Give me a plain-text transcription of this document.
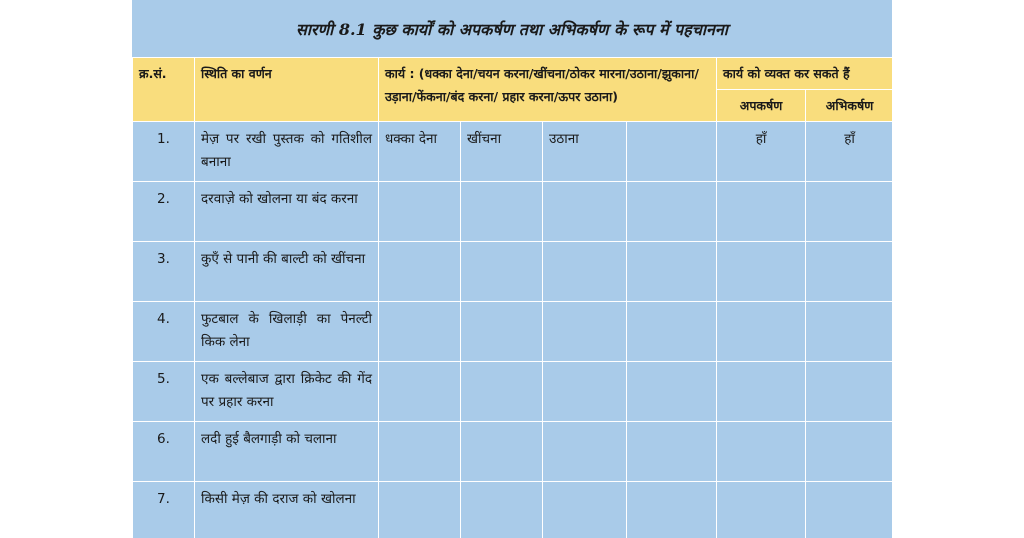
सारणी 8.1 कुछ कार्यों को अपकर्षण तथा अभिकर्षण के रूप में पहचानना
क्र.सं.	स्थिति का वर्णन	कार्य : (धक्का देना/चयन करना/खींचना/ठोकर मारना/उठाना/झुकाना/उड़ाना/फेंकना/बंद करना/ प्रहार करना/ऊपर उठाना)				कार्य को व्यक्त कर सकते हैं	
						अपकर्षण	अभिकर्षण
1.	मेज़ पर रखी पुस्तक को गतिशील बनाना	धक्का देना	खींचना	उठाना		हाँ	हाँ
2.	दरवाज़े को खोलना या बंद करना						
3.	कुएँ से पानी की बाल्टी को खींचना						
4.	फुटबाल के खिलाड़ी का पेनल्टी किक लेना						
5.	एक बल्लेबाज द्वारा क्रिकेट की गेंद पर प्रहार करना						
6.	लदी हुई बैलगाड़ी को चलाना						
7.	किसी मेज़ की दराज को खोलना						
